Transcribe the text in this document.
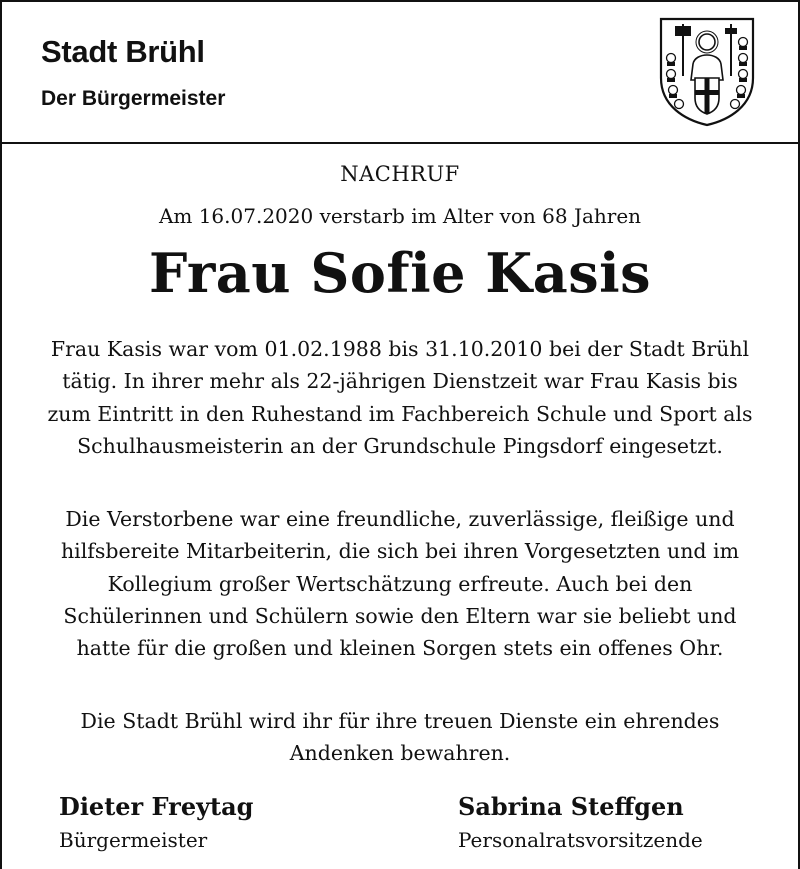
Stadt Brühl

Der Bürgermeister

NACHRUF

Am 16.07.2020 verstarb im Alter von 68 Jahren

Frau Sofie Kasis

Frau Kasis war vom 01.02.1988 bis 31.10.2010 bei der Stadt Brühl tätig. In ihrer mehr als 22-jährigen Dienstzeit war Frau Kasis bis zum Eintritt in den Ruhestand im Fachbereich Schule und Sport als Schulhausmeisterin an der Grundschule Pingsdorf eingesetzt.

Die Verstorbene war eine freundliche, zuverlässige, fleißige und hilfsbereite Mitarbeiterin, die sich bei ihren Vorgesetzten und im Kollegium großer Wertschätzung erfreute. Auch bei den Schülerinnen und Schülern sowie den Eltern war sie beliebt und hatte für die großen und kleinen Sorgen stets ein offenes Ohr.

Die Stadt Brühl wird ihr für ihre treuen Dienste ein ehrendes Andenken bewahren.

Dieter Freytag

Bürgermeister

Sabrina Steffgen

Personalratsvorsitzende
